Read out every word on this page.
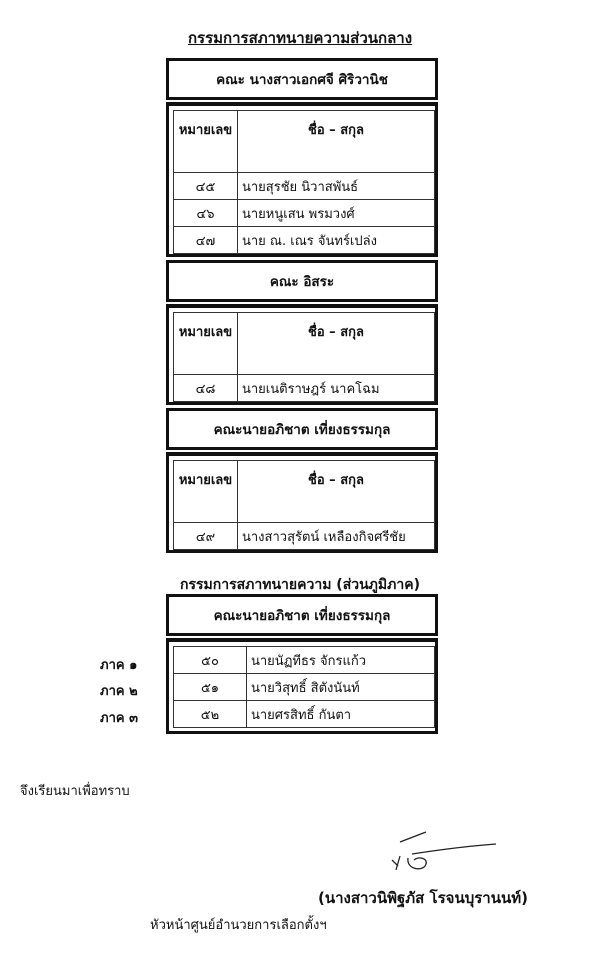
กรรมการสภาทนายความส่วนกลาง
คณะ นางสาวเอกศจี ศิริวานิช
หมายเลข	ชื่อ – สกุล
๔๕	นายสุรชัย นิวาสพันธ์
๔๖	นายหนูเสน พรมวงศ์
๔๗	นาย ณ. เณร จันทร์เปล่ง
คณะ อิสระ
หมายเลข	ชื่อ – สกุล
๔๘	นายเนติราษฎร์ นาคโฉม
คณะนายอภิชาต เที่ยงธรรมกุล
หมายเลข	ชื่อ – สกุล
๔๙	นางสาวสุรัตน์ เหลืองกิจศรีชัย
กรรมการสภาทนายความ (ส่วนภูมิภาค)
คณะนายอภิชาต เที่ยงธรรมกุล
๕๐	นายนัฏทีธร จักรแก้ว
๕๑	นายวิสุทธิ์ สิตังนันท์
๕๒	นายศรสิทธิ์ กันตา
ภาค ๑
ภาค ๒
ภาค ๓
จึงเรียนมาเพื่อทราบ
(นางสาวนิพิฐภัส โรจนบุรานนท์)
หัวหน้าศูนย์อำนวยการเลือกตั้งฯ
